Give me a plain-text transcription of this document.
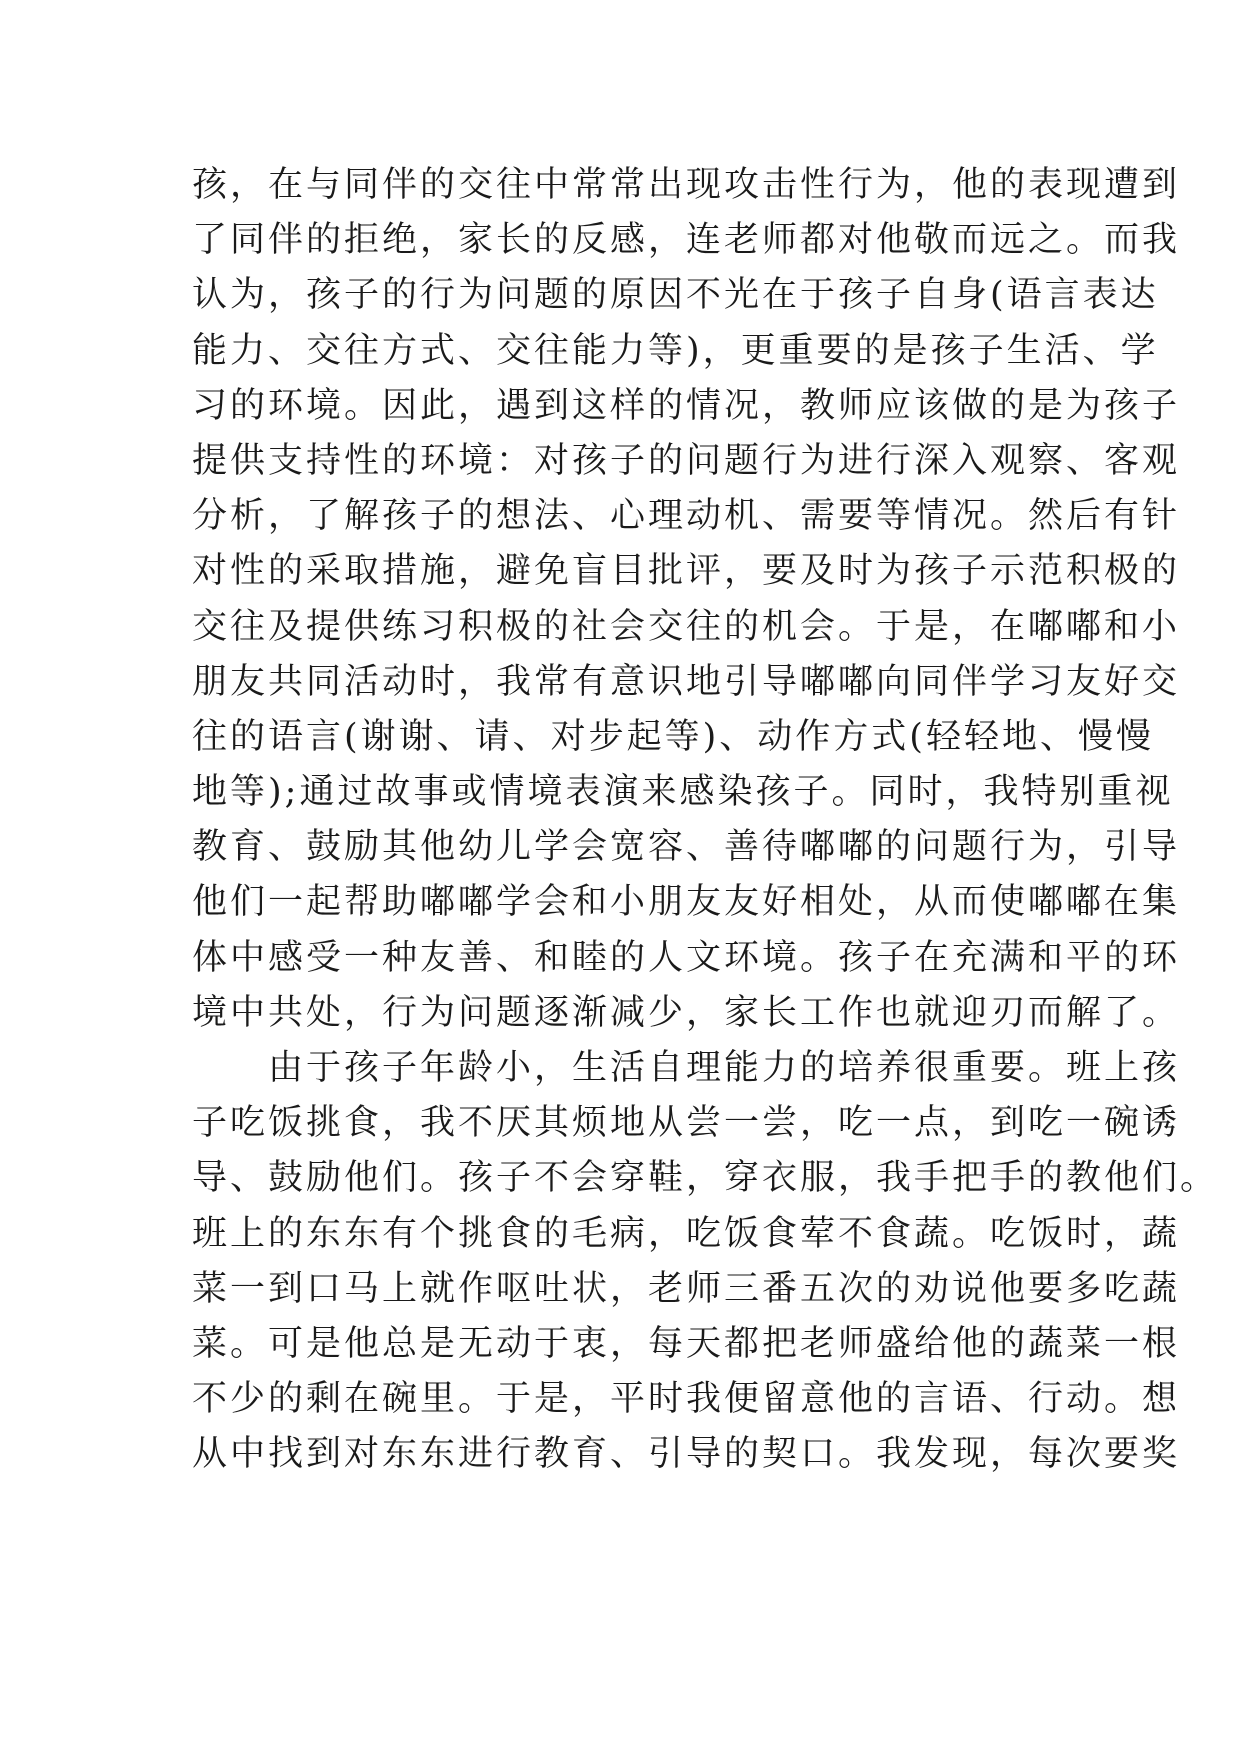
孩，在与同伴的交往中常常出现攻击性行为，他的表现遭到
了同伴的拒绝，家长的反感，连老师都对他敬而远之。而我
认为，孩子的行为问题的原因不光在于孩子自身(语言表达
能力、交往方式、交往能力等)，更重要的是孩子生活、学
习的环境。因此，遇到这样的情况，教师应该做的是为孩子
提供支持性的环境：对孩子的问题行为进行深入观察、客观
分析，了解孩子的想法、心理动机、需要等情况。然后有针
对性的采取措施，避免盲目批评，要及时为孩子示范积极的
交往及提供练习积极的社会交往的机会。于是，在嘟嘟和小
朋友共同活动时，我常有意识地引导嘟嘟向同伴学习友好交
往的语言(谢谢、请、对步起等)、动作方式(轻轻地、慢慢
地等);通过故事或情境表演来感染孩子。同时，我特别重视
教育、鼓励其他幼儿学会宽容、善待嘟嘟的问题行为，引导
他们一起帮助嘟嘟学会和小朋友友好相处，从而使嘟嘟在集
体中感受一种友善、和睦的人文环境。孩子在充满和平的环
境中共处，行为问题逐渐减少，家长工作也就迎刃而解了。
　　由于孩子年龄小，生活自理能力的培养很重要。班上孩
子吃饭挑食，我不厌其烦地从尝一尝，吃一点，到吃一碗诱
导、鼓励他们。孩子不会穿鞋，穿衣服，我手把手的教他们。
班上的东东有个挑食的毛病，吃饭食荤不食蔬。吃饭时，蔬
菜一到口马上就作呕吐状，老师三番五次的劝说他要多吃蔬
菜。可是他总是无动于衷，每天都把老师盛给他的蔬菜一根
不少的剩在碗里。于是，平时我便留意他的言语、行动。想
从中找到对东东进行教育、引导的契口。我发现，每次要奖
